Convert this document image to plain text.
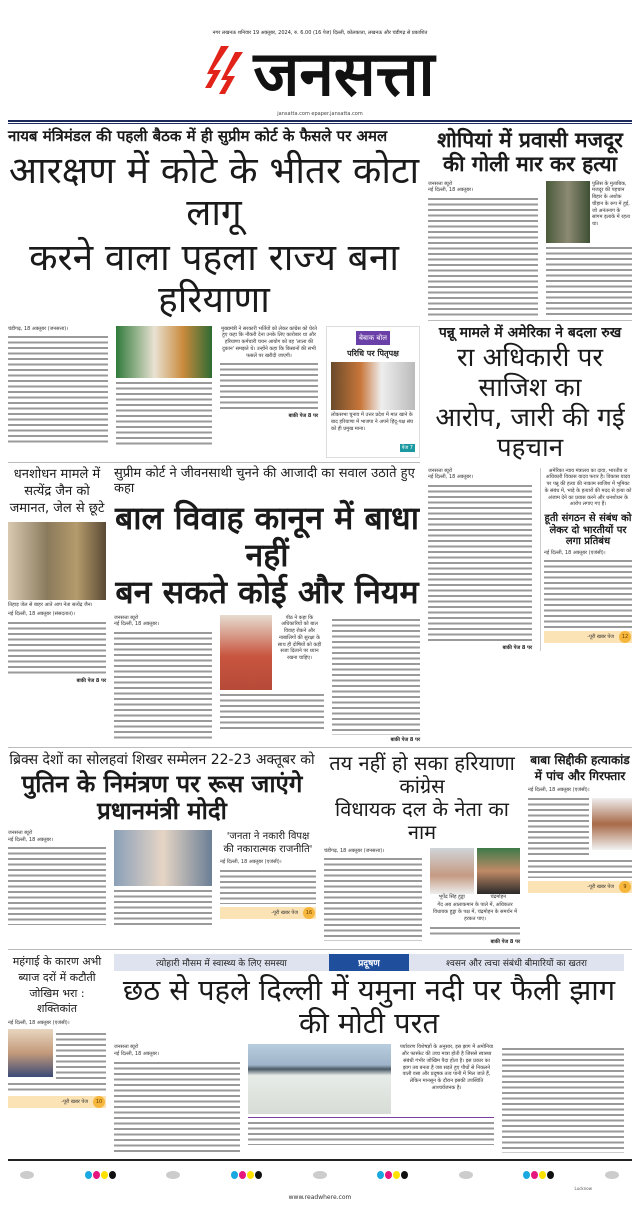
नगर लखनऊ शनिवार 19 अक्तूबर, 2024, रु. 6.00 (16 पेज) दिल्ली, कोलकाता, लखनऊ और चंडीगढ़ से प्रकाशित
जनसत्ता
jansatta.com epaper.jansatta.com
नायब मंत्रिमंडल की पहली बैठक में ही सुप्रीम कोर्ट के फैसले पर अमल
आरक्षण में कोटे के भीतर कोटा लागू
करने वाला पहला राज्य बना हरियाणा
चंडीगढ़, 18 अक्तूबर (जनसत्ता)।	मुख्यमंत्री ने सरकारी भर्तियों को लेकर कांग्रेस को घेरते हुए कहा कि नौकरी देना उनके लिए कारोबार था और हरियाणा कर्मचारी चयन आयोग को वह 'लाला की दुकान' समझते थे। उन्होंने कहा कि किसानों की सभी फसलें पर खरीदी जाएगी।
बाकी पेज 8 पर
बेबाक बोल
परिधि पर पितृपक्ष
लोकसभा चुनाव में उत्तर प्रदेश में मात खाने के बाद हरियाणा में भाजपा ने अपने हिंदू-पक्ष संघ को ही प्रमुख माना।
पेज 7
धनशोधन मामले में सत्येंद्र जैन को जमानत, जेल से छूटे
तिहाड़ जेल से बाहर आते आप नेता सत्येंद्र जैन।
नई दिल्ली, 18 अक्तूबर (संसदतात)।
बाकी पेज 8 पर
सुप्रीम कोर्ट ने जीवनसाथी चुनने की आजादी का सवाल उठाते हुए कहा
बाल विवाह कानून में बाधा नहीं
बन सकते कोई और नियम
जनसत्ता ब्यूरो
नई दिल्ली, 18 अक्तूबर।
पीठ ने कहा कि अधिकारियों को बाल विवाह रोकने और नाबालिगों की सुरक्षा के साथ ही दोषियों को कड़ी सजा दिलाने पर ध्यान रखना चाहिए।
बाकी पेज 8 पर
शोपियां में प्रवासी मजदूर
की गोली मार कर हत्या
जनसत्ता ब्यूरो
नई दिल्ली, 18 अक्तूबर।
पुलिस के मुताबिक, मजदूर की पहचान बिहार के अशोक चौहान के रूप में हुई, जो अनंतनाग के सांगम इलाके में रहता था।
पन्नू मामले में अमेरिका ने बदला रुख
रा अधिकारी पर साजिश का
आरोप, जारी की गई पहचान
जनसत्ता ब्यूरो
नई दिल्ली, 18 अक्तूबर।
बाकी पेज 8 पर
अमेरिका न्याय मंत्रालय का दावा, भारतीय रा अधिकारी विकास यादव फरार है। विकास यादव पर पन्नू की हत्या की नाकाम साजिश में भूमिका के संबंध में, भाड़े के हत्यारों की मदद से हत्या को अंजाम देने का प्रयास करने और धनशोधन के आरोप लगाए गए हैं।
हूती संगठन से संबंध को लेकर दो भारतीयों पर लगा प्रतिबंध
नई दिल्ली, 18 अक्तूबर (एजंसी)।
-पूरी खबर पेज	12
ब्रिक्स देशों का सोलहवां शिखर सम्मेलन 22-23 अक्तूबर को
पुतिन के निमंत्रण पर रूस जाएंगे प्रधानमंत्री मोदी
जनसत्ता ब्यूरो
नई दिल्ली, 18 अक्तूबर।	'जनता ने नकारी विपक्ष की नकारात्मक राजनीति'
नई दिल्ली, 18 अक्तूबर (एजंसी)।
-पूरी खबर पेज	16
तय नहीं हो सका हरियाणा कांग्रेस
विधायक दल के नेता का नाम
चंडीगढ़, 18 अक्तूबर (जनसत्ता)।
भूपेंद्र सिंह हुड्डा	चंद्रमोहन
गेंद अब आलाकमान के पाले में, अधिकतर विधायक हुड्डा के पक्ष में, चंद्रमोहन के समर्थन में हरकत पाए।
बाकी पेज 8 पर
बाबा सिद्दीकी हत्याकांड में पांच और गिरफ्तार
नई दिल्ली, 18 अक्तूबर (एजंसी)।
-पूरी खबर पेज	9
महंगाई के कारण अभी ब्याज दरों में कटौती जोखिम भरा : शक्तिकांत
नई दिल्ली, 18 अक्तूबर (एजंसी)।
-पूरी खबर पेज	10
त्योहारी मौसम में स्वास्थ्य के लिए समस्या	प्रदूषण	श्वसन और त्वचा संबंधी बीमारियों का खतरा
छठ से पहले दिल्ली में यमुना नदी पर फैली झाग की मोटी परत
जनसत्ता ब्यूरो
नई दिल्ली, 18 अक्तूबर।
पर्यावरण विशेषज्ञों के अनुसार, इस झाग में अमोनिया और फास्फेट की उच्च मात्रा होती है जिससे स्वास्थ्य संबंधी गंभीर जोखिम पैदा होता है। इस प्रकार का झाग तब बनता है जब सड़ते हुए पौधों से निकलने वाली वसा और प्रदूषक तत्व पानी में मिल जाते हैं, लेकिन मानसून के दौरान इसकी उपस्थिति आश्चर्यजनक है।
Lucknow
www.readwhere.com
